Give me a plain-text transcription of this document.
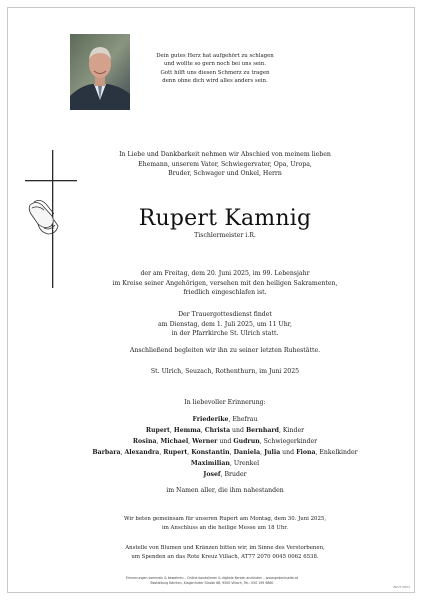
Dein gutes Herz hat aufgehört zu schlagen
und wollte so gern noch bei uns sein.
Gott hilft uns diesen Schmerz zu tragen
denn ohne dich wird alles anders sein.
In Liebe und Dankbarkeit nehmen wir Abschied von meinem lieben
Ehemann, unserem Vater, Schwiegervater, Opa, Uropa,
Bruder, Schwager und Onkel, Herrn
Rupert Kamnig
Tischlermeister i.R.
der am Freitag, dem 20. Juni 2025, im 99. Lebensjahr
im Kreise seiner Angehörigen, versehen mit den heiligen Sakramenten,
friedlich eingeschlafen ist.
Der Trauergottesdienst findet
am Dienstag, dem 1. Juli 2025, um 11 Uhr,
in der Pfarrkirche St. Ulrich statt.
Anschließend begleiten wir ihn zu seiner letzten Ruhestätte.
St. Ulrich, Seuzach, Rothenthurn, im Juni 2025
In liebevoller Erinnerung:
Friederike, Ehefrau
Rupert, Hemma, Christa und Bernhard, Kinder
Rosina, Michael, Werner und Gudrun, Schwiegerkinder
Barbara, Alexandra, Rupert, Konstantin, Daniela, Julia und Fiona, Enkelkinder
Maximilian, Urenkel
Josef, Bruder
im Namen aller, die ihm nahestanden
Wir beten gemeinsam für unseren Rupert am Montag, dem 30. Juni 2025,
im Anschluss an die heilige Messe um 18 Uhr.
Anstelle von Blumen und Kränzen bitten wir, im Sinne des Verstorbenen,
um Spenden an das Rote Kreuz Villach, AT77 2070 0045 0062 6538.
Erinnerungen sammeln & bewahren – Online-kondolieren & digitale Kerzen anzünden – www.gedenkseite.at
Bestattung Kärnten, Klagenfurter Straße 68, 9500 Villach, Tel.: 050 199 6860
BKVT 0653
